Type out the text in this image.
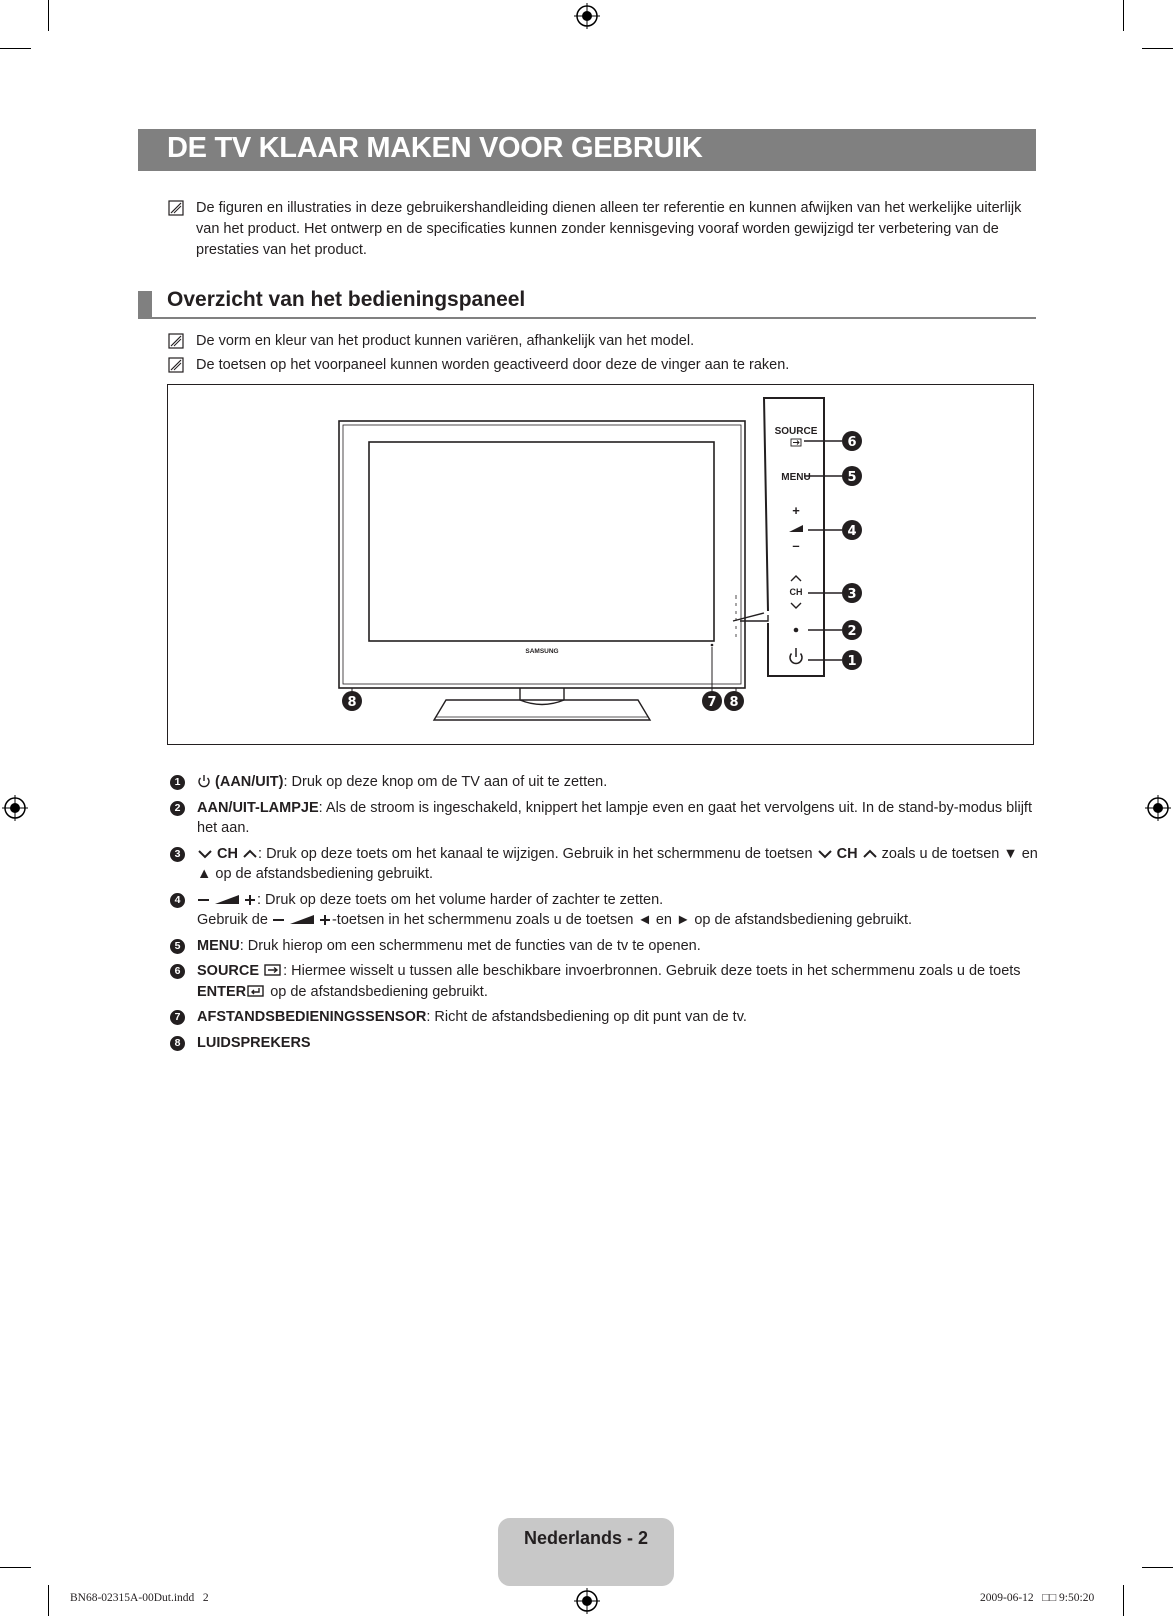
DE TV KLAAR MAKEN VOOR GEBRUIK
De figuren en illustraties in deze gebruikershandleiding dienen alleen ter referentie en kunnen afwijken van het werkelijke uiterlijk van het product. Het ontwerp en de specificaties kunnen zonder kennisgeving vooraf worden gewijzigd ter verbetering van de prestaties van het product.
Overzicht van het bedieningspaneel
De vorm en kleur van het product kunnen variëren, afhankelijk van het model.
De toetsen op het voorpaneel kunnen worden geactiveerd door deze de vinger aan te raken.
SAMSUNG
SOURCE
MENU
+
–
CH
6
5
4
3
2
1
8	7 8
1	(AAN/UIT): Druk op deze knop om de TV aan of uit te zetten.
2	AAN/UIT-LAMPJE: Als de stroom is ingeschakeld, knippert het lampje even en gaat het vervolgens uit. In de stand-by-modus blijft het aan.
3	CH : Druk op deze toets om het kanaal te wijzigen. Gebruik in het schermmenu de toetsen CH zoals u de toetsen ▼ en ▲ op de afstandsbediening gebruikt.
4	: Druk op deze toets om het volume harder of zachter te zetten.
Gebruik de	-toetsen in het schermmenu zoals u de toetsen ◄ en ► op de afstandsbediening gebruikt.
5	MENU: Druk hierop om een schermmenu met de functies van de tv te openen.
6	SOURCE : Hiermee wisselt u tussen alle beschikbare invoerbronnen. Gebruik deze toets in het schermmenu zoals u de toets ENTER op de afstandsbediening gebruikt.
7	AFSTANDSBEDIENINGSSENSOR: Richt de afstandsbediening op dit punt van de tv.
8	LUIDSPREKERS
Nederlands - 2
BN68-02315A-00Dut.indd   2	2009-06-12   □□ 9:50:20
